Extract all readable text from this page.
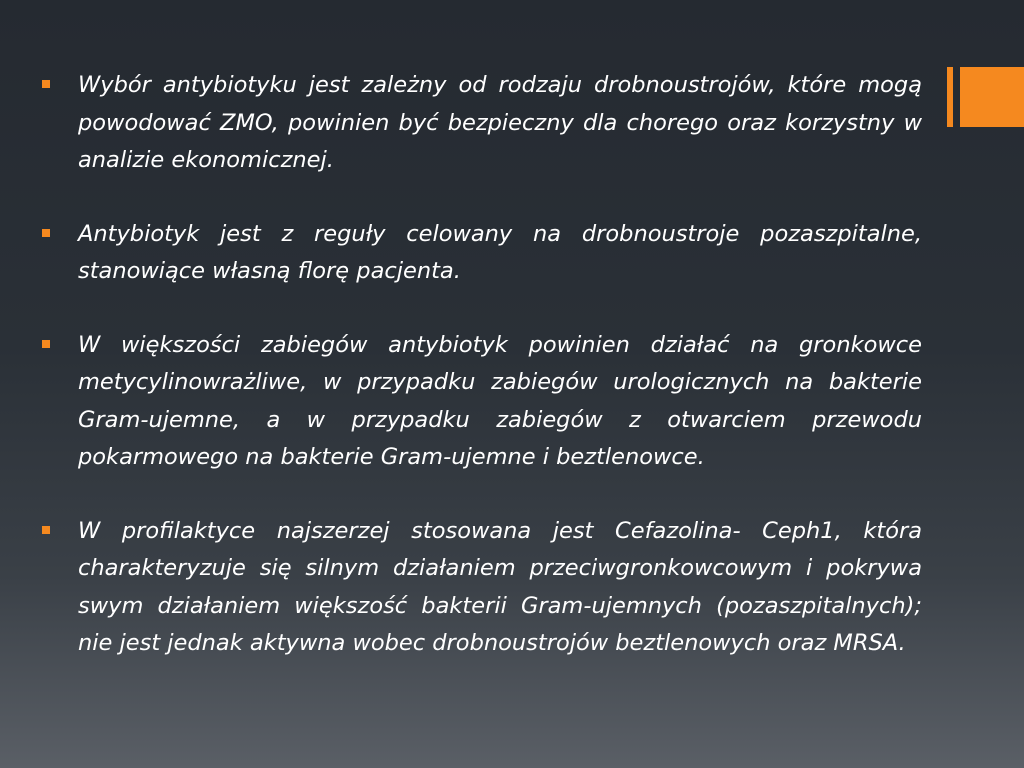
Wybór antybiotyku jest zależny od rodzaju drobnoustrojów, które mogą powodować ZMO, powinien być bezpieczny dla chorego oraz korzystny w analizie ekonomicznej.

Antybiotyk jest z reguły celowany na drobnoustroje pozaszpitalne, stanowiące własną florę pacjenta.

W większości zabiegów antybiotyk powinien działać na gronkowce metycylinowrażliwe, w przypadku zabiegów urologicznych na bakterie Gram-ujemne, a w przypadku zabiegów z otwarciem przewodu pokarmowego na bakterie Gram-ujemne i beztlenowce.

W profilaktyce najszerzej stosowana jest Cefazolina- Ceph1, która charakteryzuje się silnym działaniem przeciwgronkowcowym i pokrywa swym działaniem większość bakterii Gram-ujemnych (pozaszpitalnych); nie jest jednak aktywna wobec drobnoustrojów beztlenowych oraz MRSA.
